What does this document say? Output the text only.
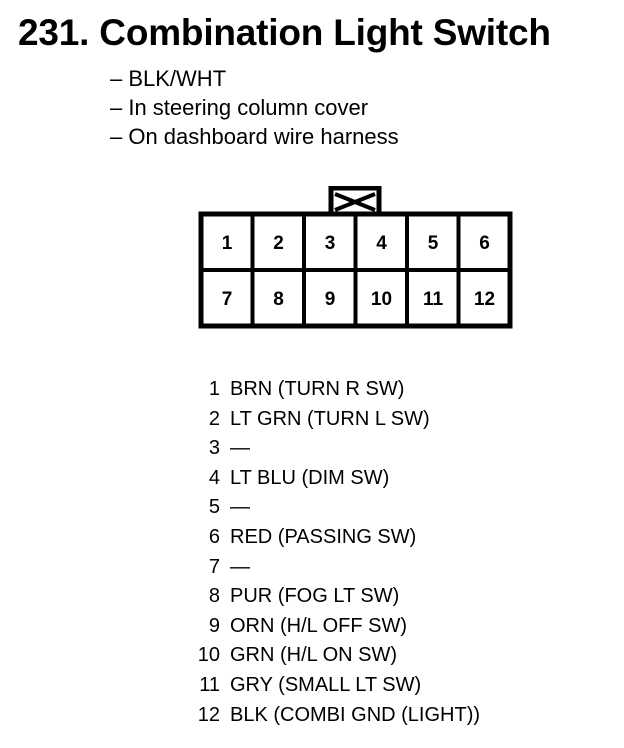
231. Combination Light Switch
– BLK/WHT
– In steering column cover
– On dashboard wire harness
1 2 3 4 5 6
7 8 9 10 11 12
1 BRN (TURN R SW)
2 LT GRN (TURN L SW)
3 —
4 LT BLU (DIM SW)
5 —
6 RED (PASSING SW)
7 —
8 PUR (FOG LT SW)
9 ORN (H/L OFF SW)
10 GRN (H/L ON SW)
11 GRY (SMALL LT SW)
12 BLK (COMBI GND (LIGHT))
